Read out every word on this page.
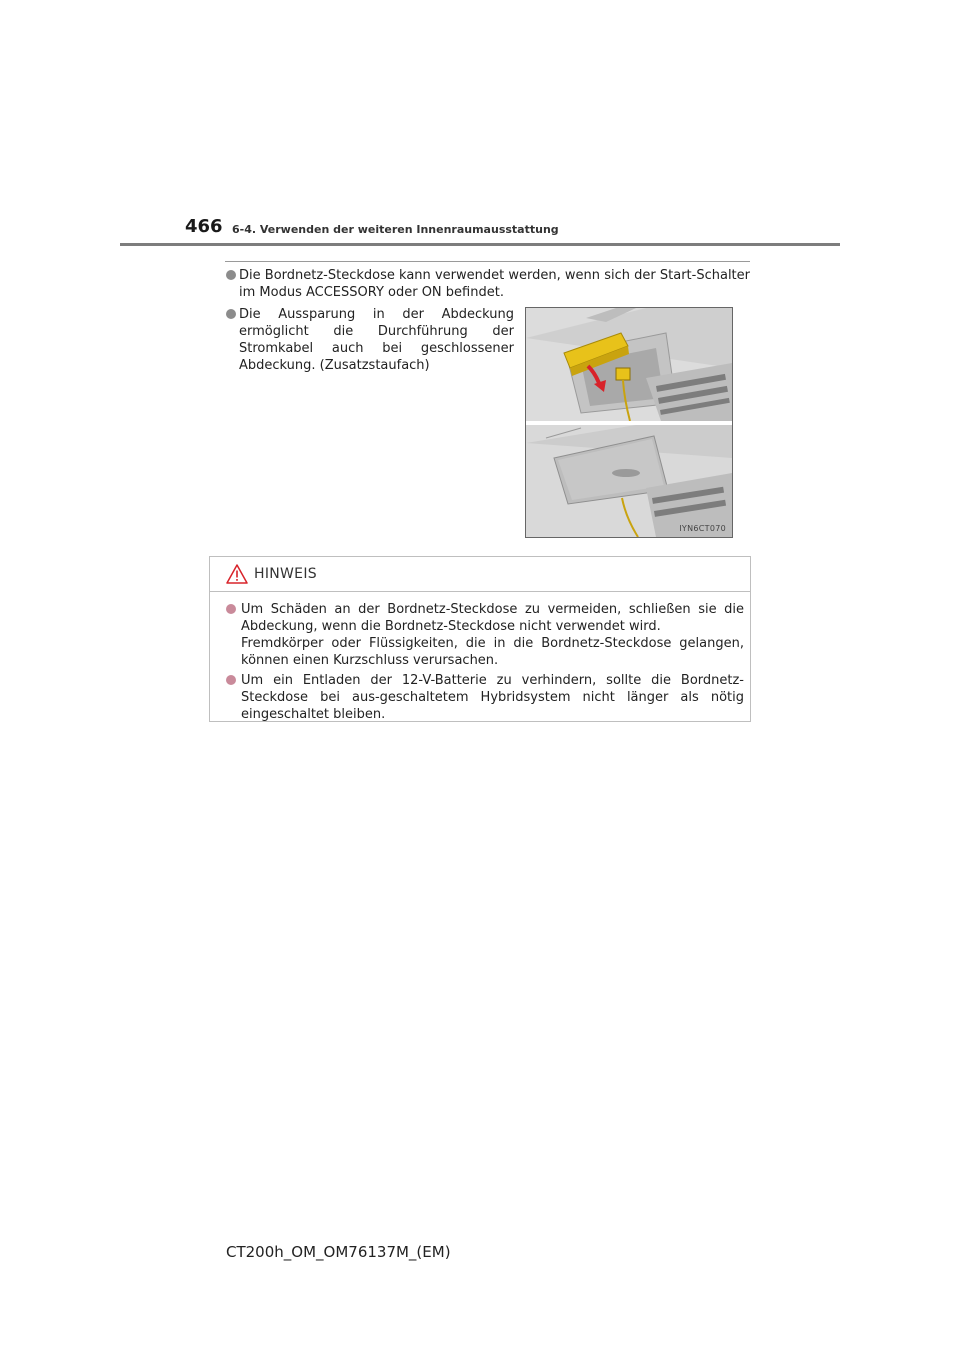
466 6-4. Verwenden der weiteren Innenraumausstattung
Die Bordnetz-Steckdose kann verwendet werden, wenn sich der Start-Schalter im Modus ACCESSORY oder ON befindet.
Die Aussparung in der Abdeckung ermöglicht die Durchführung der Stromkabel auch bei geschlossener Abdeckung. (Zusatzstaufach)
IYN6CT070
HINWEIS
Um Schäden an der Bordnetz-Steckdose zu vermeiden, schließen sie die Abdeckung, wenn die Bordnetz-Steckdose nicht verwendet wird.
Fremdkörper oder Flüssigkeiten, die in die Bordnetz-Steckdose gelangen, können einen Kurzschluss verursachen.
Um ein Entladen der 12-V-Batterie zu verhindern, sollte die Bordnetz-Steckdose bei aus-geschaltetem Hybridsystem nicht länger als nötig eingeschaltet bleiben.
CT200h_OM_OM76137M_(EM)
